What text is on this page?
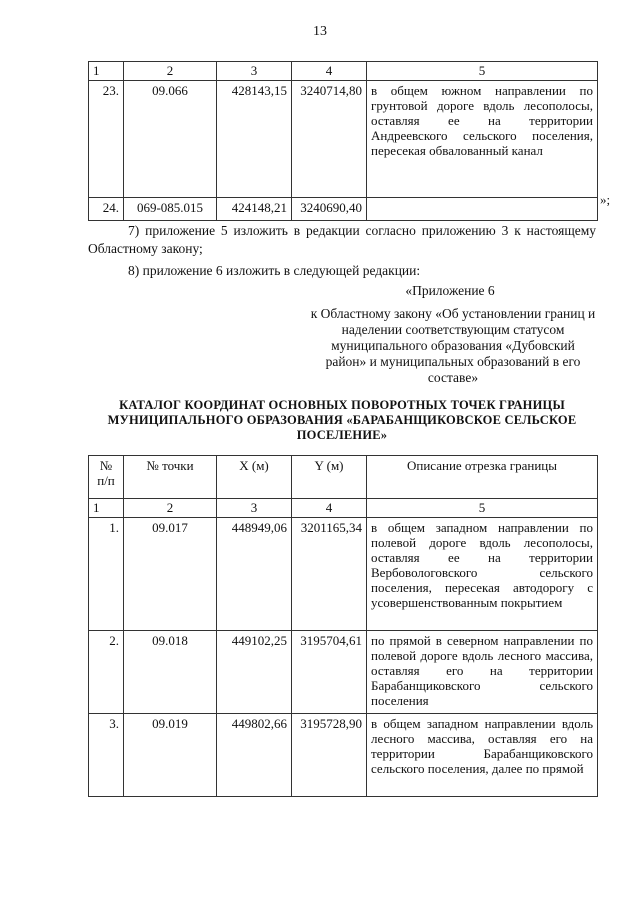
13
1	2	3	4	5
23.	09.066	428143,15	3240714,80	в общем южном направлении по грунтовой дороге вдоль лесополосы, оставляя ее на территории Андреевского сельского поселения, пересекая обвалованный канал
24.	069-085.015	424148,21	3240690,40	
»;
7) приложение 5 изложить в редакции согласно приложению 3 к настоящему Областному закону;
8) приложение 6 изложить в следующей редакции:
«Приложение 6
к Областному закону «Об установлении границ и наделении соответствующим статусом муниципального образования «Дубовский район» и муниципальных образований в его составе»
КАТАЛОГ КООРДИНАТ ОСНОВНЫХ ПОВОРОТНЫХ ТОЧЕК ГРАНИЦЫ МУНИЦИПАЛЬНОГО ОБРАЗОВАНИЯ «БАРАБАНЩИКОВСКОЕ СЕЛЬСКОЕ ПОСЕЛЕНИЕ»
№ п/п	№ точки	X (м)	Y (м)	Описание отрезка границы
1	2	3	4	5
1.	09.017	448949,06	3201165,34	в общем западном направлении по полевой дороге вдоль лесополосы, оставляя ее на территории Вербовологовского сельского поселения, пересекая автодорогу с усовершенствованным покрытием
2.	09.018	449102,25	3195704,61	по прямой в северном направлении по полевой дороге вдоль лесного массива, оставляя его на территории Барабанщиковского сельского поселения
3.	09.019	449802,66	3195728,90	в общем западном направлении вдоль лесного массива, оставляя его на территории Барабанщиковского сельского поселения, далее по прямой
